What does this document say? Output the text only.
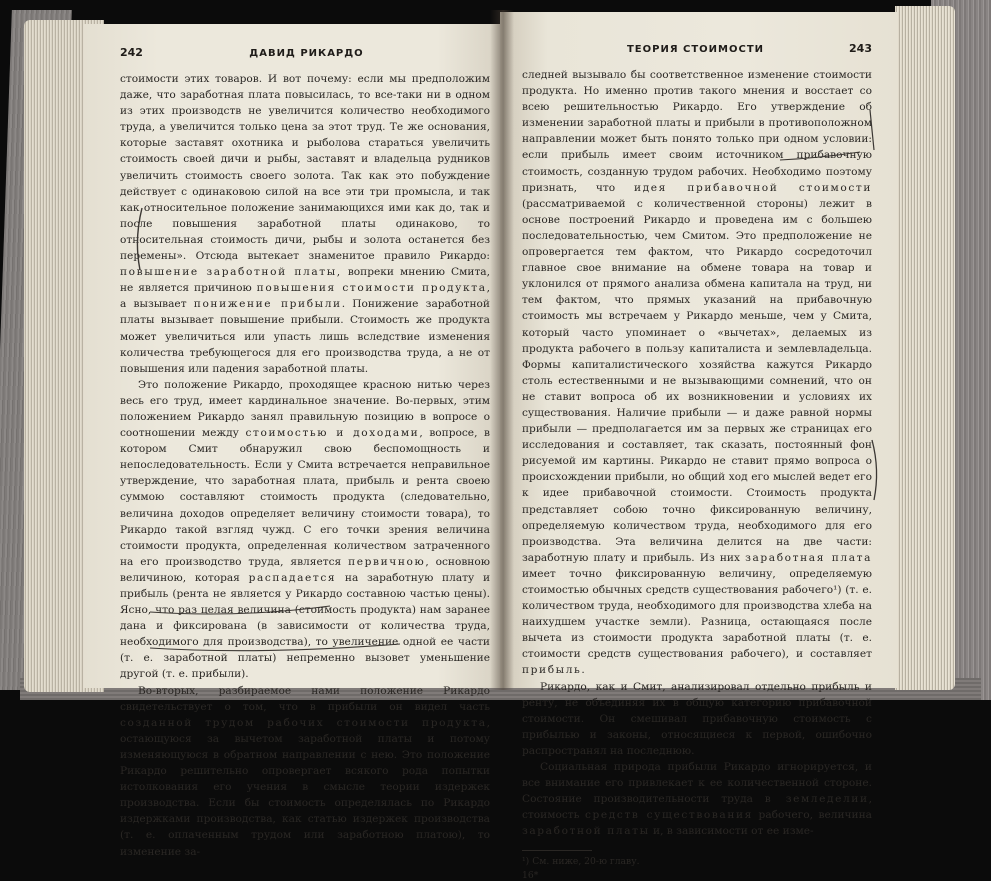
242	ДАВИД РИКАРДО

стоимости этих товаров. И вот почему: если мы предположим даже, что заработная плата повысилась, то все-таки ни в одном из этих производств не увеличится количество необходимого труда, а увеличится только цена за этот труд. Те же основания, которые заставят охотника и рыболова стараться увеличить стоимость своей дичи и рыбы, заставят и владельца рудников увеличить стоимость своего золота. Так как это побуждение действует с одинаковою силой на все эти три промысла, и так как относительное положение занимающихся ими как до, так и после повышения заработной платы одинаково, то относительная стоимость дичи, рыбы и золота останется без перемены». Отсюда вытекает знаменитое правило Рикардо: повышение заработной платы, вопреки мнению Смита, не является причиною повышения стоимости продукта, а вызывает понижение прибыли. Понижение заработной платы вызывает повышение прибыли. Стоимость же продукта может увеличиться или упасть лишь вследствие изменения количества требующегося для его производства труда, а не от повышения или падения заработной платы.

Это положение Рикардо, проходящее красною нитью через весь его труд, имеет кардинальное значение. Во-первых, этим положением Рикардо занял правильную позицию в вопросе о соотношении между стоимостью и доходами, вопросе, в котором Смит обнаружил свою беспомощность и непоследовательность. Если у Смита встречается неправильное утверждение, что заработная плата, прибыль и рента своею суммою составляют стоимость продукта (следовательно, величина доходов определяет величину стоимости товара), то Рикардо такой взгляд чужд. С его точки зрения величина стоимости продукта, определенная количеством затраченного на его производство труда, является первичною, основною величиною, которая распадается на заработную плату и прибыль (рента не является у Рикардо составною частью цены). Ясно, что раз целая величина (стоимость продукта) нам заранее дана и фиксирована (в зависимости от количества труда, необходимого для производства), то увеличение одной ее части (т. е. заработной платы) непременно вызовет уменьшение другой (т. е. прибыли).

Во-вторых, разбираемое нами положение Рикардо свидетельствует о том, что в прибыли он видел часть созданной трудом рабочих стоимости продукта, остающуюся за вычетом заработной платы и потому изменяющуюся в обратном направлении с нею. Это положение Рикардо решительно опровергает всякого рода попытки истолкования его учения в смысле теории издержек производства. Если бы стоимость определялась по Рикардо издержками производства, как статью издержек производства (т. е. оплаченным трудом или заработною платою), то изменение за-

ТЕОРИЯ СТОИМОСТИ	243

следней вызывало бы соответственное изменение стоимости продукта. Но именно против такого мнения и восстает со всею решительностью Рикардо. Его утверждение об изменении заработной платы и прибыли в противоположном направлении может быть понято только при одном условии: если прибыль имеет своим источником прибавочную стоимость, созданную трудом рабочих. Необходимо поэтому признать, что идея прибавочной стоимости (рассматриваемой с количественной стороны) лежит в основе построений Рикардо и проведена им с большею последовательностью, чем Смитом. Это предположение не опровергается тем фактом, что Рикардо сосредоточил главное свое внимание на обмене товара на товар и уклонился от прямого анализа обмена капитала на труд, ни тем фактом, что прямых указаний на прибавочную стоимость мы встречаем у Рикардо меньше, чем у Смита, который часто упоминает о «вычетах», делаемых из продукта рабочего в пользу капиталиста и землевладельца. Формы капиталистического хозяйства кажутся Рикардо столь естественными и не вызывающими сомнений, что он не ставит вопроса об их возникновении и условиях их существования. Наличие прибыли — и даже равной нормы прибыли — предполагается им за первых же страницах его исследования и составляет, так сказать, постоянный фон рисуемой им картины. Рикардо не ставит прямо вопроса о происхождении прибыли, но общий ход его мыслей ведет его к идее прибавочной стоимости. Стоимость продукта представляет собою точно фиксированную величину, определяемую количеством труда, необходимого для его производства. Эта величина делится на две части: заработную плату и прибыль. Из них заработная плата имеет точно фиксированную величину, определяемую стоимостью обычных средств существования рабочего¹) (т. е. количеством труда, необходимого для производства хлеба на наихудшем участке земли). Разница, остающаяся после вычета из стоимости продукта заработной платы (т. е. стоимости средств существования рабочего), и составляет прибыль.

Рикардо, как и Смит, анализировал отдельно прибыль и ренту, не объединяя их в общую категорию прибавочной стоимости. Он смешивал прибавочную стоимость с прибылью и законы, относящиеся к первой, ошибочно распространял на последнюю.

Социальная природа прибыли Рикардо игнорируется, и все внимание его привлекает к ее количественной стороне. Состояние производительности труда в земледелии, стоимость средств существования рабочего, величина заработной платы и, в зависимости от ее изме-

¹) См. ниже, 20-ю главу.
16*
